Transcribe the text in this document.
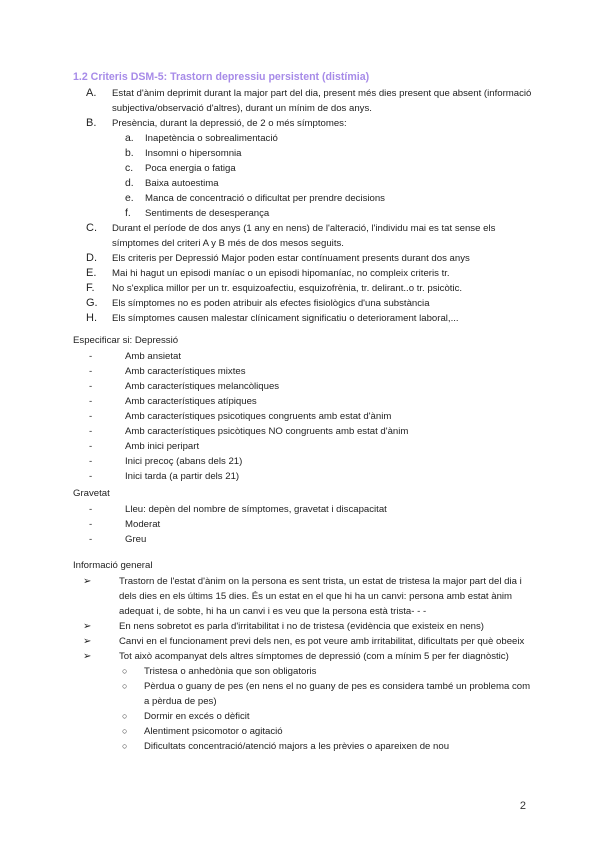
1.2 Criteris DSM-5: Trastorn depressiu persistent (distímia)
A.	Estat d'ànim deprimit durant la major part del dia, present més dies present que absent (informació subjectiva/observació d'altres), durant un mínim de dos anys.
B.	Presència, durant la depressió, de 2 o més símptomes:
a.	Inapetència o sobrealimentació
b.	Insomni o hipersomnia
c.	Poca energia o fatiga
d.	Baixa autoestima
e.	Manca de concentració o dificultat per prendre decisions
f.	Sentiments de desesperança
C.	Durant el període de dos anys (1 any en nens) de l'alteració, l'individu mai es tat sense els símptomes del criteri A y B més de dos mesos seguits.
D.	Els criteris per Depressió Major poden estar contínuament presents durant dos anys
E.	Mai hi hagut un episodi maníac o un episodi hipomaníac, no compleix criteris tr.
F.	No s'explica millor per un tr. esquizoafectiu, esquizofrènia, tr. delirant..o tr. psicòtic.
G.	Els símptomes no es poden atribuir als efectes fisiològics d'una substància
H.	Els símptomes causen malestar clínicament significatiu o deteriorament laboral,...
Especificar si: Depressió
-	Amb ansietat
-	Amb característiques mixtes
-	Amb característiques melancòliques
-	Amb característiques atípiques
-	Amb característiques psicotiques congruents amb estat d'ànim
-	Amb característiques psicòtiques NO congruents amb estat d'ànim
-	Amb inici peripart
-	Inici precoç (abans dels 21)
-	Inici tarda (a partir dels 21)
Gravetat
-	Lleu: depèn del nombre de símptomes, gravetat i discapacitat
-	Moderat
-	Greu
Informació general
➢	Trastorn de l'estat d'ànim on la persona es sent trista, un estat de tristesa la major part del dia i dels dies en els últims 15 dies. És un estat en el que hi ha un canvi: persona amb estat ànim adequat i, de sobte, hi ha un canvi i es veu que la persona està trista- - -
➢	En nens sobretot es parla d'irritabilitat i no de tristesa (evidència que existeix en nens)
➢	Canvi en el funcionament previ dels nen, es pot veure amb irritabilitat, dificultats per què obeeix
➢	Tot això acompanyat dels altres símptomes de depressió (com a mínim 5 per fer diagnòstic)
○	Tristesa o anhedònia que son obligatoris
○	Pèrdua o guany de pes (en nens el no guany de pes es considera també un problema com a pèrdua de pes)
○	Dormir en excés o dèficit
○	Alentiment psicomotor o agitació
○	Dificultats concentració/atenció majors a les prèvies o apareixen de nou
2
